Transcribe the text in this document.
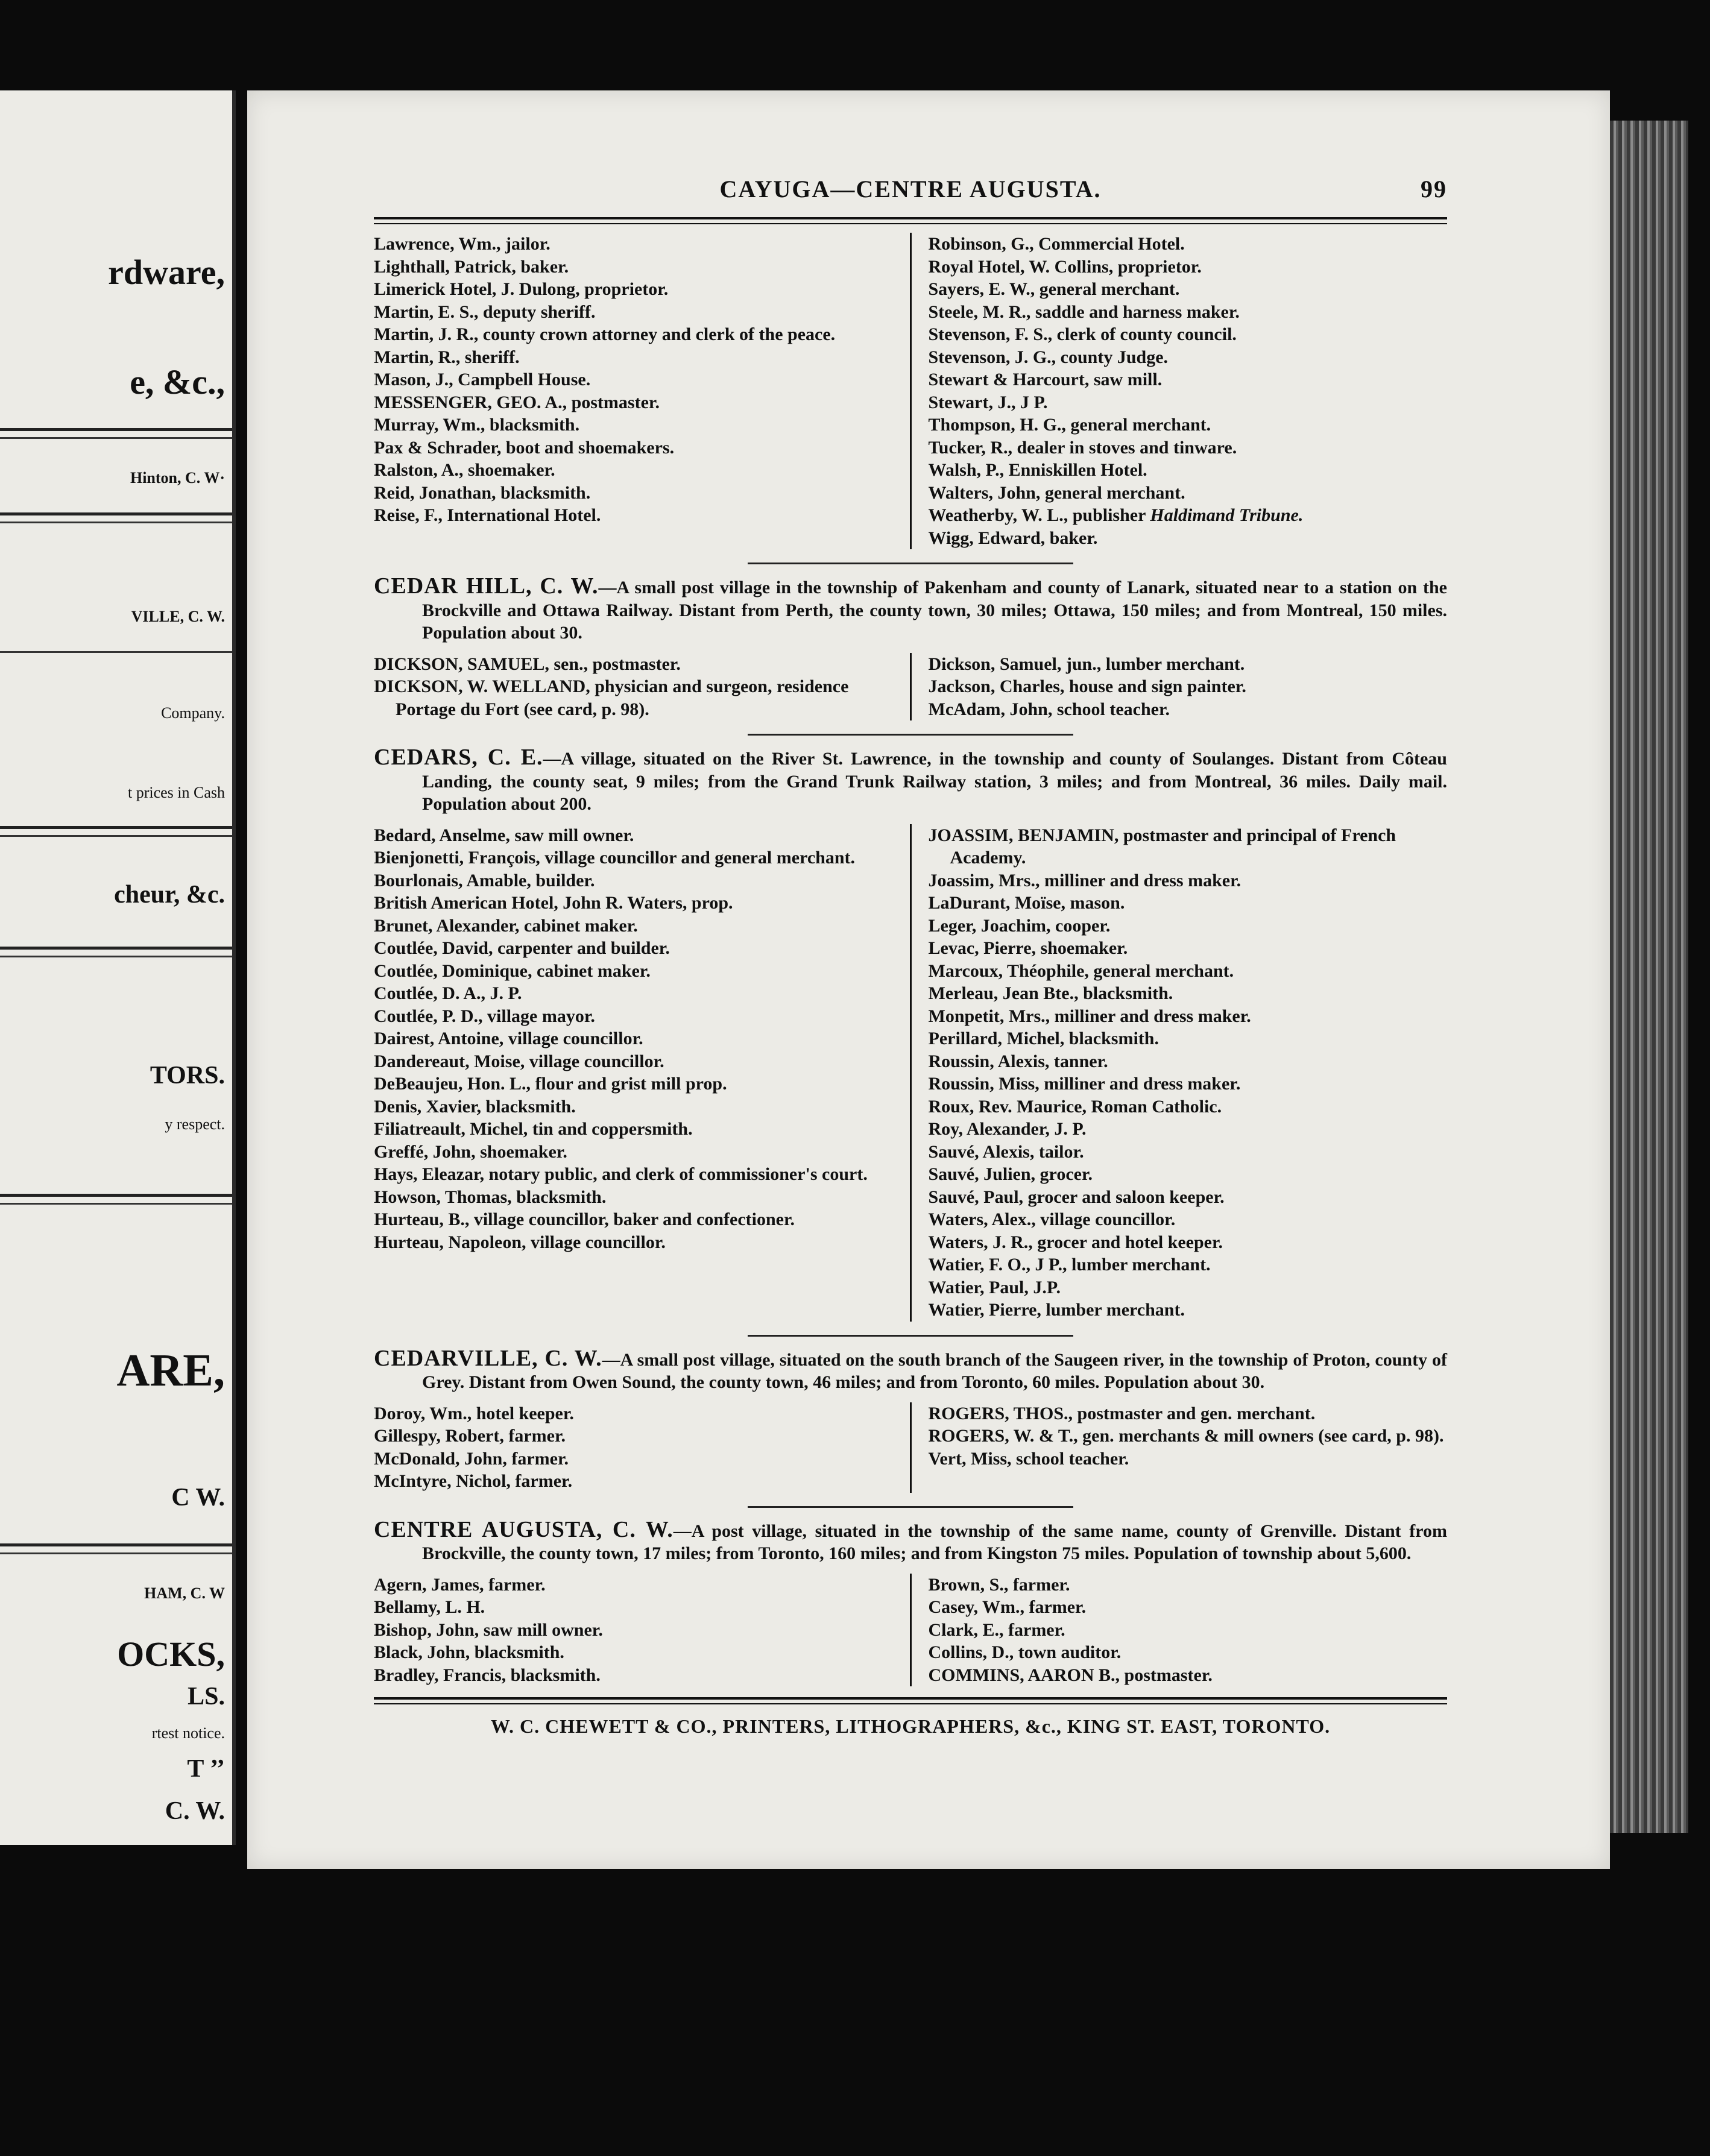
rdware,
e, &c.,
Hinton, C. W·
VILLE, C. W.
Company.
t prices in Cash
cheur, &c.
TORS.
y respect.
ARE,
C W.
HAM, C. W
OCKS,
LS.
rtest notice.
T ’’
C. W.
CAYUGA—CENTRE AUGUSTA.	99
Lawrence, Wm., jailor.
Lighthall, Patrick, baker.
Limerick Hotel, J. Dulong, proprietor.
Martin, E. S., deputy sheriff.
Martin, J. R., county crown attorney and clerk of the peace.
Martin, R., sheriff.
Mason, J., Campbell House.
MESSENGER, GEO. A., postmaster.
Murray, Wm., blacksmith.
Pax & Schrader, boot and shoemakers.
Ralston, A., shoemaker.
Reid, Jonathan, blacksmith.
Reise, F., International Hotel.
Robinson, G., Commercial Hotel.
Royal Hotel, W. Collins, proprietor.
Sayers, E. W., general merchant.
Steele, M. R., saddle and harness maker.
Stevenson, F. S., clerk of county council.
Stevenson, J. G., county Judge.
Stewart & Harcourt, saw mill.
Stewart, J., J P.
Thompson, H. G., general merchant.
Tucker, R., dealer in stoves and tinware.
Walsh, P., Enniskillen Hotel.
Walters, John, general merchant.
Weatherby, W. L., publisher Haldimand Tribune.
Wigg, Edward, baker.
CEDAR HILL, C. W.—A small post village in the township of Pakenham and county of Lanark, situated near to a station on the Brockville and Ottawa Railway. Distant from Perth, the county town, 30 miles; Ottawa, 150 miles; and from Montreal, 150 miles. Population about 30.
DICKSON, SAMUEL, sen., postmaster.
DICKSON, W. WELLAND, physician and surgeon, residence Portage du Fort (see card, p. 98).
Dickson, Samuel, jun., lumber merchant.
Jackson, Charles, house and sign painter.
McAdam, John, school teacher.
CEDARS, C. E.—A village, situated on the River St. Lawrence, in the township and county of Soulanges. Distant from Côteau Landing, the county seat, 9 miles; from the Grand Trunk Railway station, 3 miles; and from Montreal, 36 miles. Daily mail. Population about 200.
Bedard, Anselme, saw mill owner.
Bienjonetti, François, village councillor and general merchant.
Bourlonais, Amable, builder.
British American Hotel, John R. Waters, prop.
Brunet, Alexander, cabinet maker.
Coutlée, David, carpenter and builder.
Coutlée, Dominique, cabinet maker.
Coutlée, D. A., J. P.
Coutlée, P. D., village mayor.
Dairest, Antoine, village councillor.
Dandereaut, Moise, village councillor.
DeBeaujeu, Hon. L., flour and grist mill prop.
Denis, Xavier, blacksmith.
Filiatreault, Michel, tin and coppersmith.
Greffé, John, shoemaker.
Hays, Eleazar, notary public, and clerk of commissioner's court.
Howson, Thomas, blacksmith.
Hurteau, B., village councillor, baker and confectioner.
Hurteau, Napoleon, village councillor.
JOASSIM, BENJAMIN, postmaster and principal of French Academy.
Joassim, Mrs., milliner and dress maker.
LaDurant, Moïse, mason.
Leger, Joachim, cooper.
Levac, Pierre, shoemaker.
Marcoux, Théophile, general merchant.
Merleau, Jean Bte., blacksmith.
Monpetit, Mrs., milliner and dress maker.
Perillard, Michel, blacksmith.
Roussin, Alexis, tanner.
Roussin, Miss, milliner and dress maker.
Roux, Rev. Maurice, Roman Catholic.
Roy, Alexander, J. P.
Sauvé, Alexis, tailor.
Sauvé, Julien, grocer.
Sauvé, Paul, grocer and saloon keeper.
Waters, Alex., village councillor.
Waters, J. R., grocer and hotel keeper.
Watier, F. O., J P., lumber merchant.
Watier, Paul, J.P.
Watier, Pierre, lumber merchant.
CEDARVILLE, C. W.—A small post village, situated on the south branch of the Saugeen river, in the township of Proton, county of Grey. Distant from Owen Sound, the county town, 46 miles; and from Toronto, 60 miles. Population about 30.
Doroy, Wm., hotel keeper.
Gillespy, Robert, farmer.
McDonald, John, farmer.
McIntyre, Nichol, farmer.
ROGERS, THOS., postmaster and gen. merchant.
ROGERS, W. & T., gen. merchants & mill owners (see card, p. 98).
Vert, Miss, school teacher.
CENTRE AUGUSTA, C. W.—A post village, situated in the township of the same name, county of Grenville. Distant from Brockville, the county town, 17 miles; from Toronto, 160 miles; and from Kingston 75 miles. Population of township about 5,600.
Agern, James, farmer.
Bellamy, L. H.
Bishop, John, saw mill owner.
Black, John, blacksmith.
Bradley, Francis, blacksmith.
Brown, S., farmer.
Casey, Wm., farmer.
Clark, E., farmer.
Collins, D., town auditor.
COMMINS, AARON B., postmaster.
W. C. CHEWETT & CO., PRINTERS, LITHOGRAPHERS, &c., KING ST. EAST, TORONTO.
